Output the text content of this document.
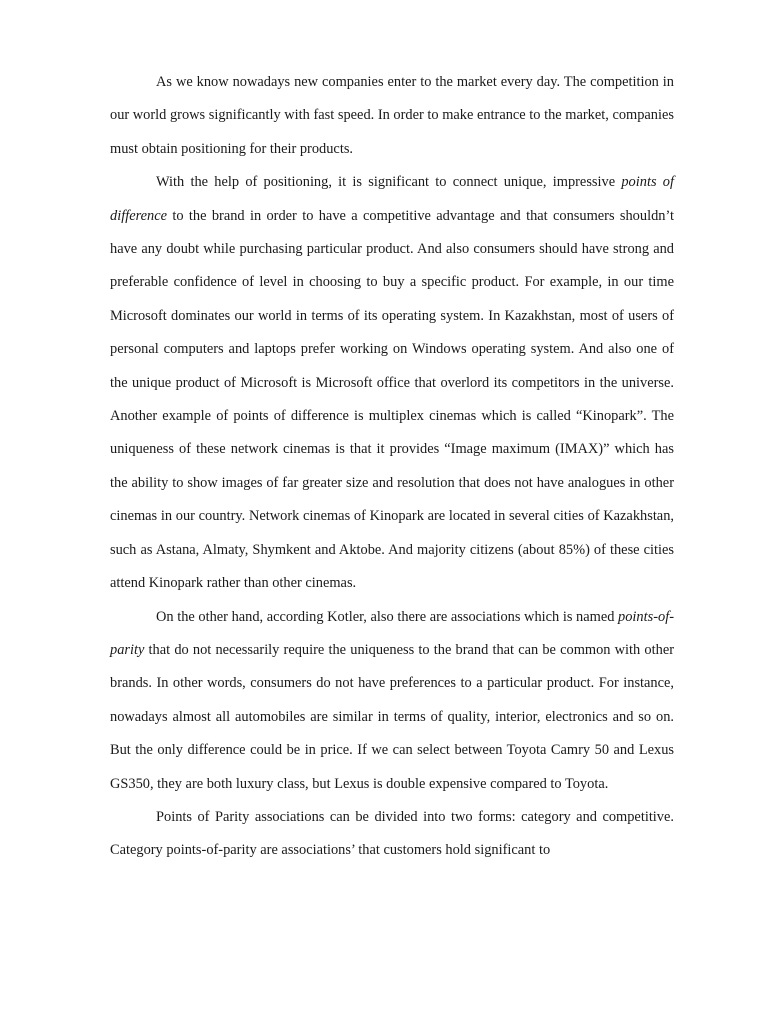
As we know nowadays new companies enter to the market every day. The competition in our world grows significantly with fast speed. In order to make entrance to the market, companies must obtain positioning for their products.

With the help of positioning, it is significant to connect unique, impressive points of difference to the brand in order to have a competitive advantage and that consumers shouldn’t have any doubt while purchasing particular product. And also consumers should have strong and preferable confidence of level in choosing to buy a specific product. For example, in our time Microsoft dominates our world in terms of its operating system. In Kazakhstan, most of users of personal computers and laptops prefer working on Windows operating system. And also one of the unique product of Microsoft is Microsoft office that overlord its competitors in the universe. Another example of points of difference is multiplex cinemas which is called “Kinopark”. The uniqueness of these network cinemas is that it provides “Image maximum (IMAX)” which has the ability to show images of far greater size and resolution that does not have analogues in other cinemas in our country. Network cinemas of Kinopark are located in several cities of Kazakhstan, such as Astana, Almaty, Shymkent and Aktobe. And majority citizens (about 85%) of these cities attend Kinopark rather than other cinemas.

On the other hand, according Kotler, also there are associations which is named points-of-parity that do not necessarily require the uniqueness to the brand that can be common with other brands. In other words, consumers do not have preferences to a particular product. For instance, nowadays almost all automobiles are similar in terms of quality, interior, electronics and so on. But the only difference could be in price. If we can select between Toyota Camry 50 and Lexus GS350, they are both luxury class, but Lexus is double expensive compared to Toyota.

Points of Parity associations can be divided into two forms: category and competitive. Category points-of-parity are associations’ that customers hold significant to
